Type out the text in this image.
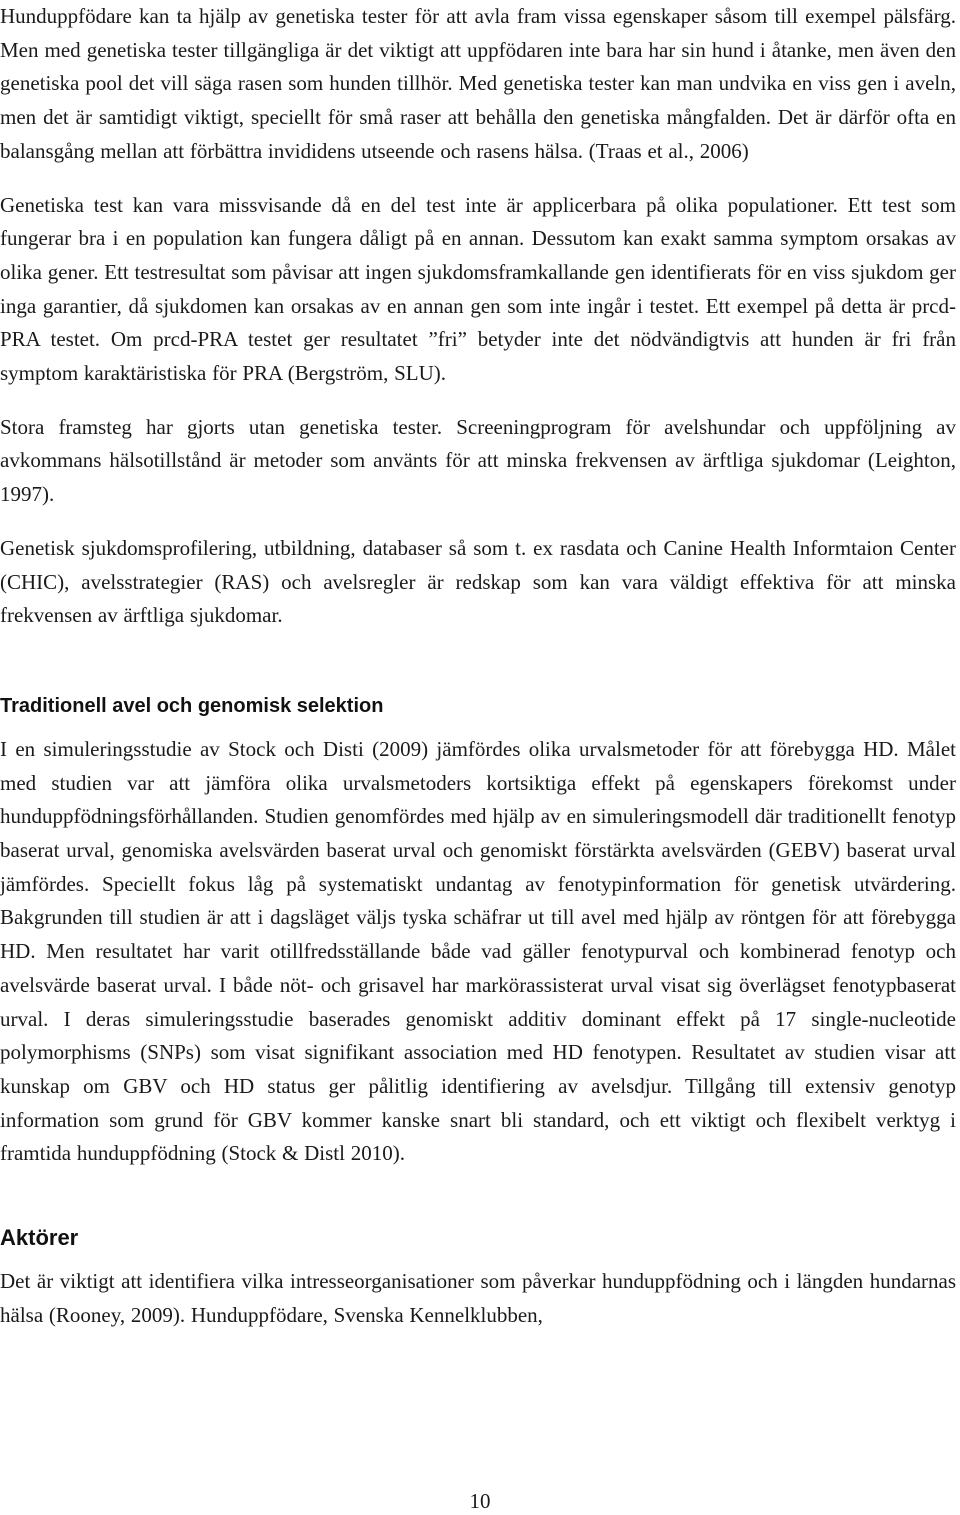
Hunduppfödare kan ta hjälp av genetiska tester för att avla fram vissa egenskaper såsom till exempel pälsfärg. Men med genetiska tester tillgängliga är det viktigt att uppfödaren inte bara har sin hund i åtanke, men även den genetiska pool det vill säga rasen som hunden tillhör. Med genetiska tester kan man undvika en viss gen i aveln, men det är samtidigt viktigt, speciellt för små raser att behålla den genetiska mångfalden. Det är därför ofta en balansgång mellan att förbättra invididens utseende och rasens hälsa. (Traas et al., 2006)

Genetiska test kan vara missvisande då en del test inte är applicerbara på olika populationer. Ett test som fungerar bra i en population kan fungera dåligt på en annan. Dessutom kan exakt samma symptom orsakas av olika gener. Ett testresultat som påvisar att ingen sjukdomsframkallande gen identifierats för en viss sjukdom ger inga garantier, då sjukdomen kan orsakas av en annan gen som inte ingår i testet. Ett exempel på detta är prcd-PRA testet. Om prcd-PRA testet ger resultatet ”fri” betyder inte det nödvändigtvis att hunden är fri från symptom karaktäristiska för PRA (Bergström, SLU).

Stora framsteg har gjorts utan genetiska tester. Screeningprogram för avelshundar och uppföljning av avkommans hälsotillstånd är metoder som använts för att minska frekvensen av ärftliga sjukdomar (Leighton, 1997).

Genetisk sjukdomsprofilering, utbildning, databaser så som t. ex rasdata och Canine Health Informtaion Center (CHIC), avelsstrategier (RAS) och avelsregler är redskap som kan vara väldigt effektiva för att minska frekvensen av ärftliga sjukdomar.

Traditionell avel och genomisk selektion

I en simuleringsstudie av Stock och Disti (2009) jämfördes olika urvalsmetoder för att förebygga HD. Målet med studien var att jämföra olika urvalsmetoders kortsiktiga effekt på egenskapers förekomst under hunduppfödningsförhållanden. Studien genomfördes med hjälp av en simuleringsmodell där traditionellt fenotyp baserat urval, genomiska avelsvärden baserat urval och genomiskt förstärkta avelsvärden (GEBV) baserat urval jämfördes. Speciellt fokus låg på systematiskt undantag av fenotypinformation för genetisk utvärdering. Bakgrunden till studien är att i dagsläget väljs tyska schäfrar ut till avel med hjälp av röntgen för att förebygga HD. Men resultatet har varit otillfredsställande både vad gäller fenotypurval och kombinerad fenotyp och avelsvärde baserat urval. I både nöt- och grisavel har markörassisterat urval visat sig överlägset fenotypbaserat urval. I deras simuleringsstudie baserades genomiskt additiv dominant effekt på 17 single-nucleotide polymorphisms (SNPs) som visat signifikant association med HD fenotypen. Resultatet av studien visar att kunskap om GBV och HD status ger pålitlig identifiering av avelsdjur. Tillgång till extensiv genotyp information som grund för GBV kommer kanske snart bli standard, och ett viktigt och flexibelt verktyg i framtida hunduppfödning (Stock & Distl 2010).

Aktörer

Det är viktigt att identifiera vilka intresseorganisationer som påverkar hunduppfödning och i längden hundarnas hälsa (Rooney, 2009). Hunduppfödare, Svenska Kennelklubben,

10
